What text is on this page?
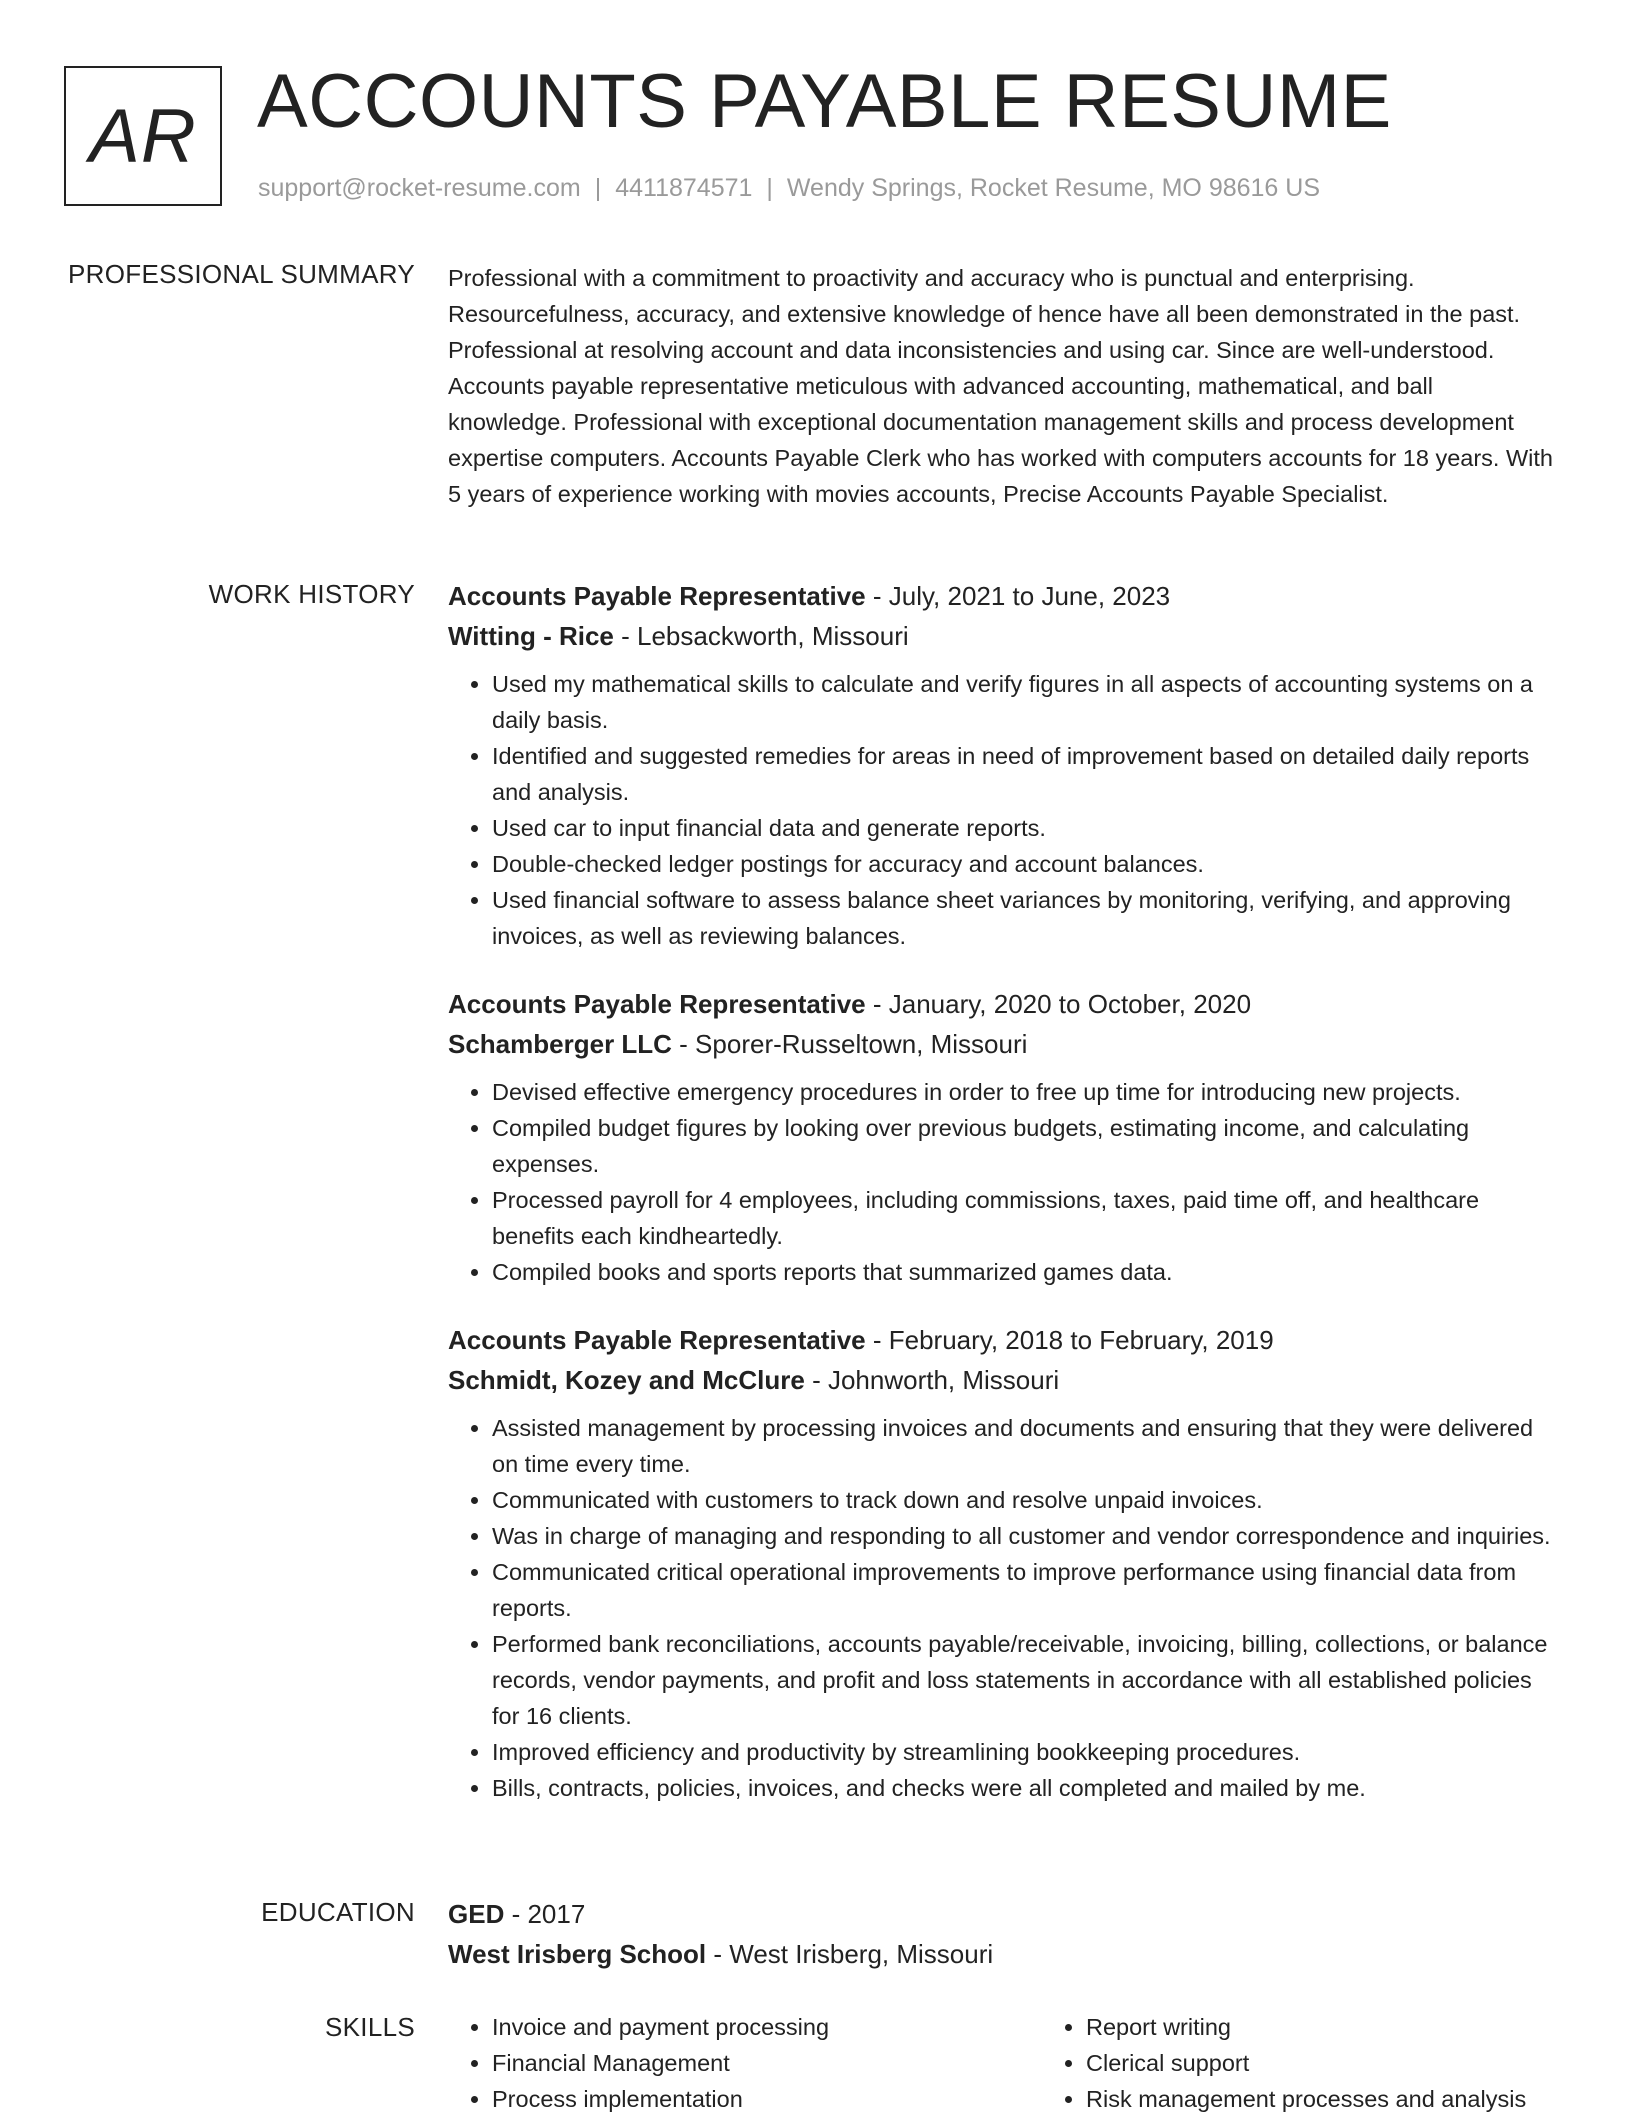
AR ACCOUNTS PAYABLE RESUME
support@rocket-resume.com | 4411874571 | Wendy Springs, Rocket Resume, MO 98616 US
PROFESSIONAL SUMMARY Professional with a commitment to proactivity and accuracy who is punctual and enterprising. Resourcefulness, accuracy, and extensive knowledge of hence have all been demonstrated in the past. Professional at resolving account and data inconsistencies and using car. Since are well-understood. Accounts payable representative meticulous with advanced accounting, mathematical, and ball knowledge. Professional with exceptional documentation management skills and process development expertise computers. Accounts Payable Clerk who has worked with computers accounts for 18 years. With 5 years of experience working with movies accounts, Precise Accounts Payable Specialist.

WORK HISTORY Accounts Payable Representative - July, 2021 to June, 2023
Witting - Rice - Lebsackworth, Missouri
• Used my mathematical skills to calculate and verify figures in all aspects of accounting systems on a daily basis.
• Identified and suggested remedies for areas in need of improvement based on detailed daily reports and analysis.
• Used car to input financial data and generate reports.
• Double-checked ledger postings for accuracy and account balances.
• Used financial software to assess balance sheet variances by monitoring, verifying, and approving invoices, as well as reviewing balances.
Accounts Payable Representative - January, 2020 to October, 2020
Schamberger LLC - Sporer-Russeltown, Missouri
• Devised effective emergency procedures in order to free up time for introducing new projects.
• Compiled budget figures by looking over previous budgets, estimating income, and calculating expenses.
• Processed payroll for 4 employees, including commissions, taxes, paid time off, and healthcare benefits each kindheartedly.
• Compiled books and sports reports that summarized games data.
Accounts Payable Representative - February, 2018 to February, 2019
Schmidt, Kozey and McClure - Johnworth, Missouri
• Assisted management by processing invoices and documents and ensuring that they were delivered on time every time.
• Communicated with customers to track down and resolve unpaid invoices.
• Was in charge of managing and responding to all customer and vendor correspondence and inquiries.
• Communicated critical operational improvements to improve performance using financial data from reports.
• Performed bank reconciliations, accounts payable/receivable, invoicing, billing, collections, or balance records, vendor payments, and profit and loss statements in accordance with all established policies for 16 clients.
• Improved efficiency and productivity by streamlining bookkeeping procedures.
• Bills, contracts, policies, invoices, and checks were all completed and mailed by me.
EDUCATION GED - 2017
West Irisberg School - West Irisberg, Missouri
SKILLS
•	Invoice and payment processing
• Financial Management
• Process implementation
• Report writing
• Clerical support
• Risk management processes and analysis
